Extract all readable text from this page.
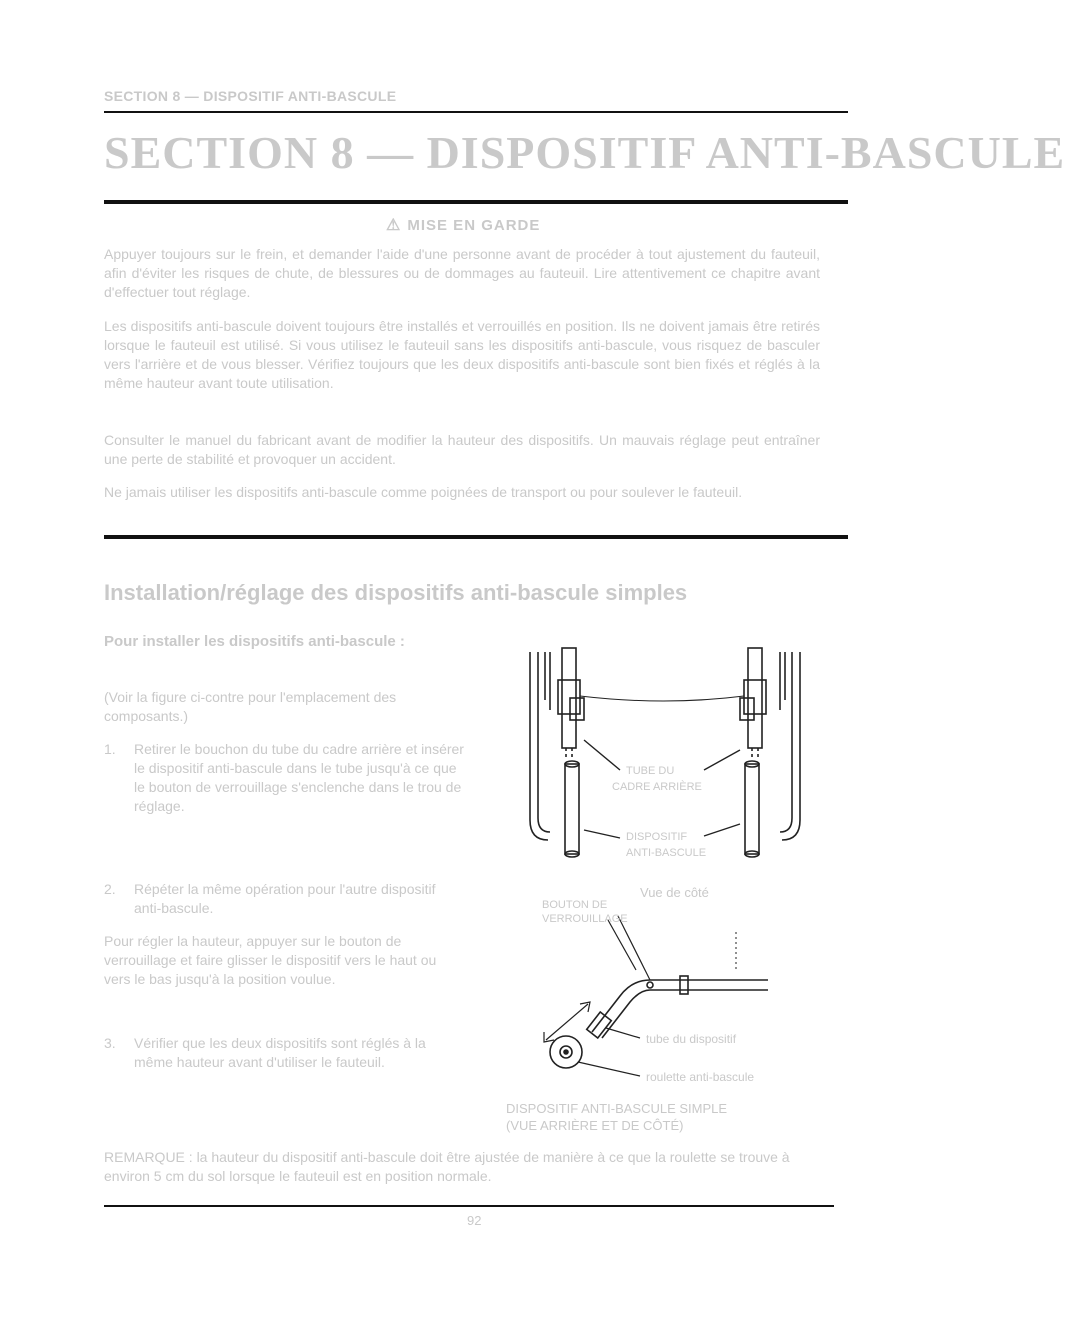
SECTION 8 — DISPOSITIF ANTI-BASCULE
SECTION 8 — DISPOSITIF ANTI-BASCULE
⚠ MISE EN GARDE
Appuyer toujours sur le frein, et demander l'aide d'une personne avant de procéder à tout ajustement du fauteuil, afin d'éviter les risques de chute, de blessures ou de dommages au fauteuil. Lire attentivement ce chapitre avant d'effectuer tout réglage.
Les dispositifs anti-bascule doivent toujours être installés et verrouillés en position. Ils ne doivent jamais être retirés lorsque le fauteuil est utilisé. Si vous utilisez le fauteuil sans les dispositifs anti-bascule, vous risquez de basculer vers l'arrière et de vous blesser. Vérifiez toujours que les deux dispositifs anti-bascule sont bien fixés et réglés à la même hauteur avant toute utilisation.
Consulter le manuel du fabricant avant de modifier la hauteur des dispositifs. Un mauvais réglage peut entraîner une perte de stabilité et provoquer un accident.
Ne jamais utiliser les dispositifs anti-bascule comme poignées de transport ou pour soulever le fauteuil.
Installation/réglage des dispositifs anti-bascule simples
Pour installer les dispositifs anti-bascule :
(Voir la figure ci-contre pour l'emplacement des composants.)
1.	Retirer le bouchon du tube du cadre arrière et insérer le dispositif anti-bascule dans le tube jusqu'à ce que le bouton de verrouillage s'enclenche dans le trou de réglage.
2.	Répéter la même opération pour l'autre dispositif anti-bascule.
Pour régler la hauteur, appuyer sur le bouton de verrouillage et faire glisser le dispositif vers le haut ou vers le bas jusqu'à la position voulue.
3.	Vérifier que les deux dispositifs sont réglés à la même hauteur avant d'utiliser le fauteuil.
TUBE DU
CADRE ARRIÈRE
DISPOSITIF
ANTI-BASCULE
Vue de côté
BOUTON DE
VERROUILLAGE
tube du dispositif
roulette anti-bascule
DISPOSITIF ANTI-BASCULE SIMPLE
(VUE ARRIÈRE ET DE CÔTÉ)
REMARQUE : la hauteur du dispositif anti-bascule doit être ajustée de manière à ce que la roulette se trouve à environ 5 cm du sol lorsque le fauteuil est en position normale.
92
